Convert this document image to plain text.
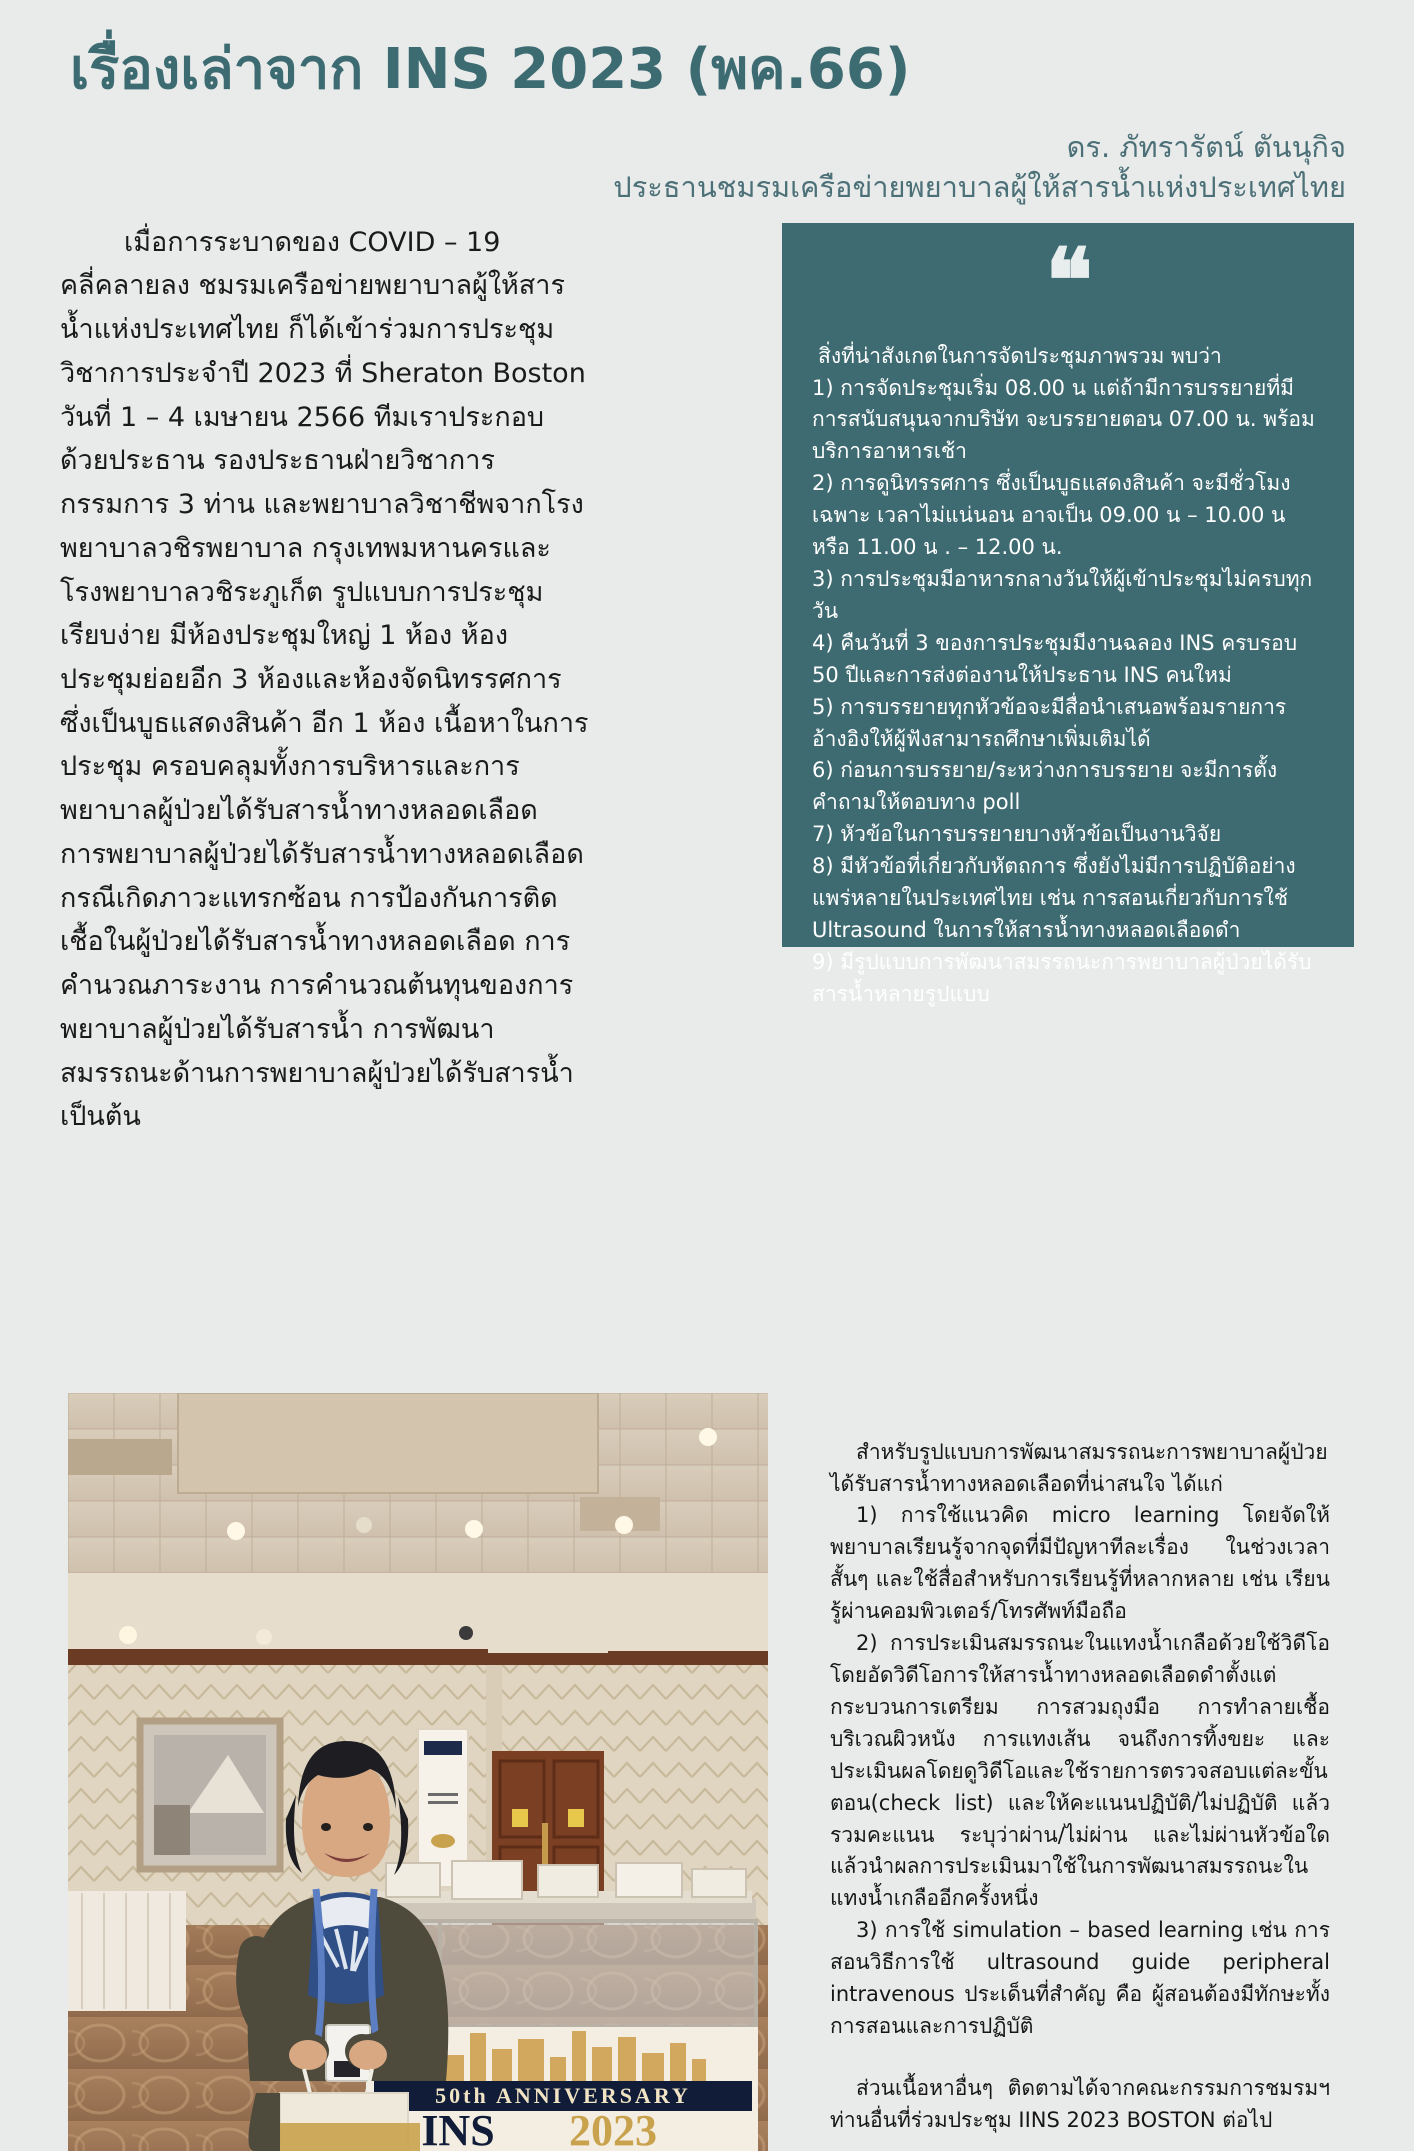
เรื่องเล่าจาก INS 2023 (พค.66)
ดร. ภัทรารัตน์ ตันนุกิจ
ประธานชมรมเครือข่ายพยาบาลผู้ให้สารน้ำแห่งประเทศไทย
เมื่อการระบาดของ COVID – 19 คลี่คลายลง ชมรมเครือข่ายพยาบาลผู้ให้สารน้ำแห่งประเทศไทย ก็ได้เข้าร่วมการประชุมวิชาการประจำปี 2023 ที่ Sheraton Boston วันที่ 1 – 4 เมษายน 2566 ทีมเราประกอบด้วยประธาน รองประธานฝ่ายวิชาการ กรรมการ 3 ท่าน และพยาบาลวิชาชีพจากโรงพยาบาลวชิรพยาบาล กรุงเทพมหานครและโรงพยาบาลวชิระภูเก็ต รูปแบบการประชุมเรียบง่าย มีห้องประชุมใหญ่ 1 ห้อง ห้องประชุมย่อยอีก 3 ห้องและห้องจัดนิทรรศการ ซึ่งเป็นบูธแสดงสินค้า อีก 1 ห้อง เนื้อหาในการประชุม ครอบคลุมทั้งการบริหารและการพยาบาลผู้ป่วยได้รับสารน้ำทางหลอดเลือด การพยาบาลผู้ป่วยได้รับสารน้ำทางหลอดเลือดกรณีเกิดภาวะแทรกซ้อน การป้องกันการติดเชื้อในผู้ป่วยได้รับสารน้ำทางหลอดเลือด การคำนวณภาระงาน การคำนวณต้นทุนของการพยาบาลผู้ป่วยได้รับสารน้ำ การพัฒนาสมรรถนะด้านการพยาบาลผู้ป่วยได้รับสารน้ำ เป็นต้น
❝

สิ่งที่น่าสังเกตในการจัดประชุมภาพรวม พบว่า

1) การจัดประชุมเริ่ม 08.00 น แต่ถ้ามีการบรรยายที่มีการสนับสนุนจากบริษัท จะบรรยายตอน 07.00 น. พร้อมบริการอาหารเช้า

2) การดูนิทรรศการ ซึ่งเป็นบูธแสดงสินค้า จะมีชั่วโมงเฉพาะ เวลาไม่แน่นอน อาจเป็น 09.00 น – 10.00 น หรือ 11.00 น . – 12.00 น.

3) การประชุมมีอาหารกลางวันให้ผู้เข้าประชุมไม่ครบทุกวัน

4) คืนวันที่ 3 ของการประชุมมีงานฉลอง INS ครบรอบ 50 ปีและการส่งต่องานให้ประธาน INS คนใหม่

5) การบรรยายทุกหัวข้อจะมีสื่อนำเสนอพร้อมรายการอ้างอิงให้ผู้ฟังสามารถศึกษาเพิ่มเติมได้

6) ก่อนการบรรยาย/ระหว่างการบรรยาย จะมีการตั้งคำถามให้ตอบทาง poll

7) หัวข้อในการบรรยายบางหัวข้อเป็นงานวิจัย

8) มีหัวข้อที่เกี่ยวกับหัตถการ ซึ่งยังไม่มีการปฏิบัติอย่างแพร่หลายในประเทศไทย เช่น การสอนเกี่ยวกับการใช้ Ultrasound ในการให้สารน้ำทางหลอดเลือดดำ

9) มีรูปแบบการพัฒนาสมรรถนะการพยาบาลผู้ป่วยได้รับสารน้ำหลายรูปแบบ

50th ANNIVERSARY
INS 2023

สำหรับรูปแบบการพัฒนาสมรรถนะการพยาบาลผู้ป่วยได้รับสารน้ำทางหลอดเลือดที่น่าสนใจ ได้แก่

1) การใช้แนวคิด micro learning โดยจัดให้พยาบาลเรียนรู้จากจุดที่มีปัญหาทีละเรื่อง ในช่วงเวลาสั้นๆ และใช้สื่อสำหรับการเรียนรู้ที่หลากหลาย เช่น เรียนรู้ผ่านคอมพิวเตอร์/โทรศัพท์มือถือ

2) การประเมินสมรรถนะในแทงน้ำเกลือด้วยใช้วิดีโอ โดยอัดวิดีโอการให้สารน้ำทางหลอดเลือดดำตั้งแต่กระบวนการเตรียม การสวมถุงมือ การทำลายเชื้อบริเวณผิวหนัง การแทงเส้น จนถึงการทิ้งขยะ และประเมินผลโดยดูวิดีโอและใช้รายการตรวจสอบแต่ละขั้นตอน(check list) และให้คะแนนปฏิบัติ/ไม่ปฏิบัติ แล้วรวมคะแนน ระบุว่าผ่าน/ไม่ผ่าน และไม่ผ่านหัวข้อใด แล้วนำผลการประเมินมาใช้ในการพัฒนาสมรรถนะในแทงน้ำเกลืออีกครั้งหนึ่ง

3) การใช้ simulation – based learning เช่น การสอนวิธีการใช้ ultrasound guide peripheral intravenous ประเด็นที่สำคัญ คือ ผู้สอนต้องมีทักษะทั้งการสอนและการปฏิบัติ

ส่วนเนื้อหาอื่นๆ ติดตามได้จากคณะกรรมการชมรมฯ ท่านอื่นที่ร่วมประชุม IINS 2023 BOSTON ต่อไป
